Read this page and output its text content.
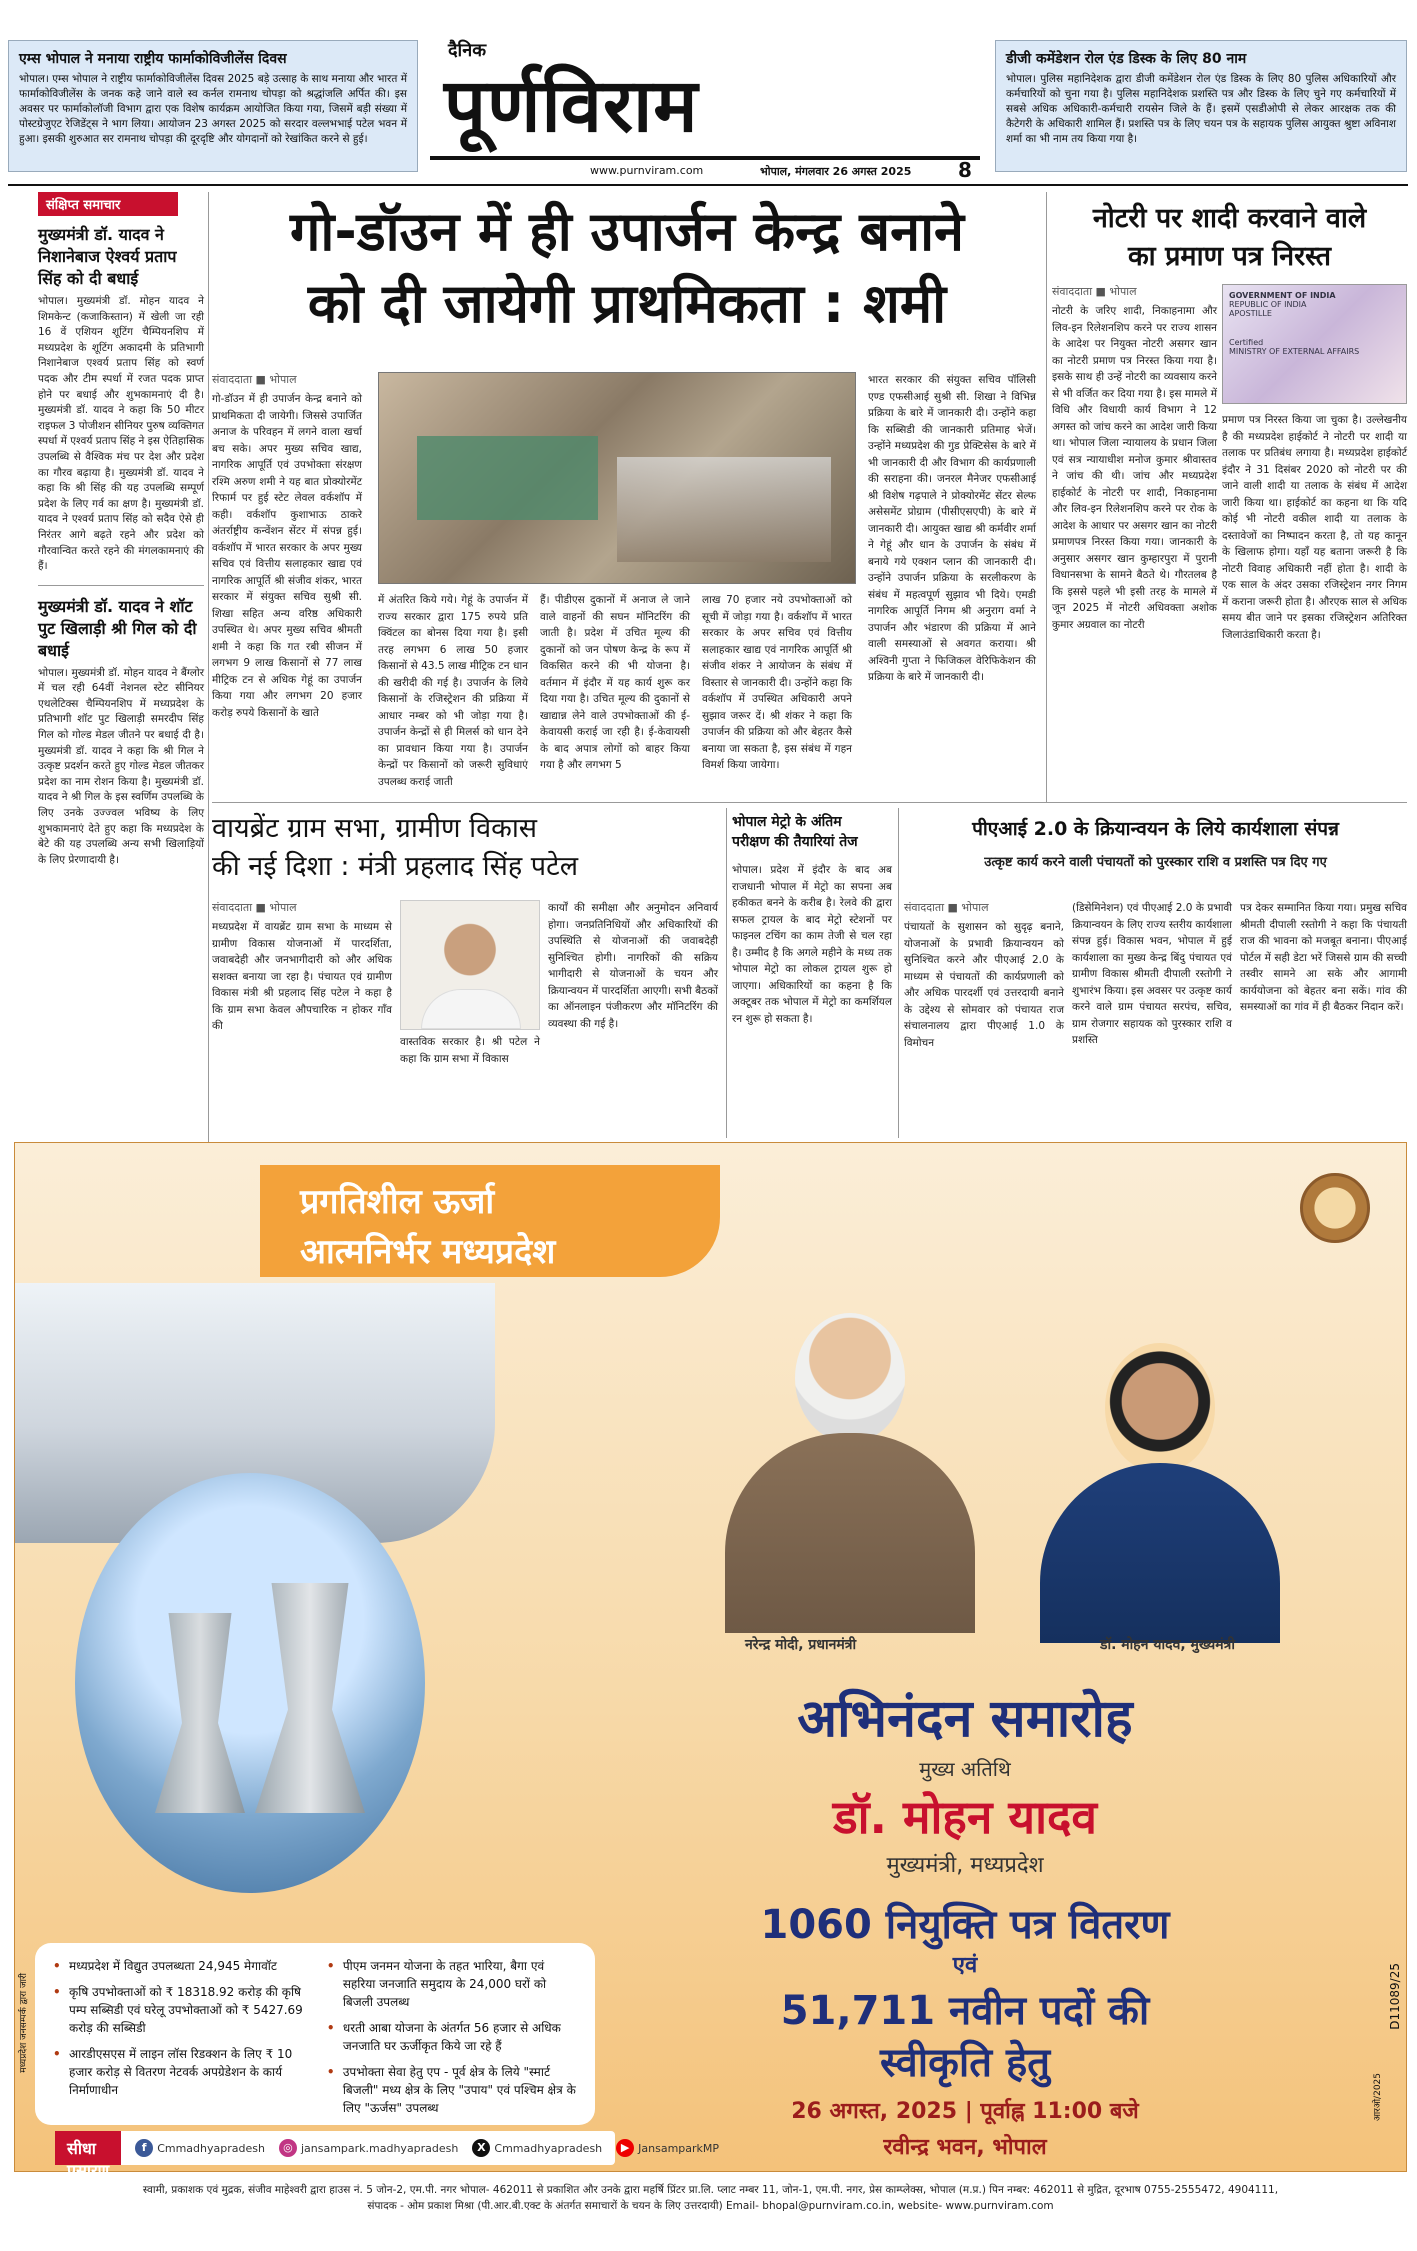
एम्स भोपाल ने मनाया राष्ट्रीय फार्माकोविजीलेंस दिवस

भोपाल। एम्स भोपाल ने राष्ट्रीय फार्माकोविजीलेंस दिवस 2025 बड़े उत्साह के साथ मनाया और भारत में फार्माकोविजीलेंस के जनक कहे जाने वाले स्व कर्नल रामनाथ चोपड़ा को श्रद्धांजलि अर्पित की। इस अवसर पर फार्माकोलॉजी विभाग द्वारा एक विशेष कार्यक्रम आयोजित किया गया, जिसमें बड़ी संख्या में पोस्टग्रेजुएट रेजिडेंट्स ने भाग लिया। आयोजन 23 अगस्त 2025 को सरदार वल्लभभाई पटेल भवन में हुआ। इसकी शुरुआत सर रामनाथ चोपड़ा की दूरदृष्टि और योगदानों को रेखांकित करने से हुई।

दैनिक
पूर्णविराम
www.purnviram.com	भोपाल, मंगलवार 26 अगस्त 2025 8
डीजी कमेंडेशन रोल एंड डिस्क के लिए 80 नाम

भोपाल। पुलिस महानिदेशक द्वारा डीजी कमेंडेशन रोल एंड डिस्क के लिए 80 पुलिस अधिकारियों और कर्मचारियों को चुना गया है। पुलिस महानिदेशक प्रशस्ति पत्र और डिस्क के लिए चुने गए कर्मचारियों में सबसे अधिक अधिकारी-कर्मचारी रायसेन जिले के हैं। इसमें एसडीओपी से लेकर आरक्षक तक की कैटेगरी के अधिकारी शामिल हैं। प्रशस्ति पत्र के लिए चयन पत्र के सहायक पुलिस आयुक्त श्रुष्टा अविनाश शर्मा का भी नाम तय किया गया है।

संक्षिप्त समाचार
मुख्यमंत्री डॉ. यादव ने निशानेबाज ऐश्वर्य प्रताप सिंह को दी बधाई
भोपाल। मुख्यमंत्री डॉ. मोहन यादव ने शिमकेन्ट (कजाकिस्तान) में खेली जा रही 16 वें एशियन शूटिंग चैम्पियनशिप में मध्यप्रदेश के शूटिंग अकादमी के प्रतिभागी निशानेबाज एश्वर्य प्रताप सिंह को स्वर्ण पदक और टीम स्पर्धा में रजत पदक प्राप्त होने पर बधाई और शुभकामनाएं दी है। मुख्यमंत्री डॉ. यादव ने कहा कि 50 मीटर राइफल 3 पोजीशन सीनियर पुरुष व्यक्तिगत स्पर्धा में एश्वर्य प्रताप सिंह ने इस ऐतिहासिक उपलब्धि से वैश्विक मंच पर देश और प्रदेश का गौरव बढ़ाया है। मुख्यमंत्री डॉ. यादव ने कहा कि श्री सिंह की यह उपलब्धि सम्पूर्ण प्रदेश के लिए गर्व का क्षण है। मुख्यमंत्री डॉ. यादव ने एश्वर्य प्रताप सिंह को सदैव ऐसे ही निरंतर आगे बढ़ते रहने और प्रदेश को गौरवान्वित करते रहने की मंगलकामनाएं की हैं।
मुख्यमंत्री डॉ. यादव ने शॉट पुट खिलाड़ी श्री गिल को दी बधाई
भोपाल। मुख्यमंत्री डॉ. मोहन यादव ने बैंग्लोर में चल रही 64वीं नेशनल स्टेट सीनियर एथलेटिक्स चैम्पियनशिप में मध्यप्रदेश के प्रतिभागी शॉट पुट खिलाड़ी समरदीप सिंह गिल को गोल्ड मेडल जीतने पर बधाई दी है। मुख्यमंत्री डॉ. यादव ने कहा कि श्री गिल ने उत्कृष्ट प्रदर्शन करते हुए गोल्ड मेडल जीतकर प्रदेश का नाम रोशन किया है। मुख्यमंत्री डॉ. यादव ने श्री गिल के इस स्वर्णिम उपलब्धि के लिए उनके उज्ज्वल भविष्य के लिए शुभकामनाएं देते हुए कहा कि मध्यप्रदेश के बेटे की यह उपलब्धि अन्य सभी खिलाड़ियों के लिए प्रेरणादायी है।
गो-डॉउन में ही उपार्जन केन्द्र बनाने
को दी जायेगी प्राथमिकता : शमी
संवाददाता ■ भोपाल
गो-डॉउन में ही उपार्जन केन्द्र बनाने को प्राथमिकता दी जायेगी। जिससे उपार्जित अनाज के परिवहन में लगने वाला खर्चा बच सके। अपर मुख्य सचिव खाद्य, नागरिक आपूर्ति एवं उपभोक्ता संरक्षण रश्मि अरुण शमी ने यह बात प्रोक्योरमेंट रिफार्म पर हुई स्टेट लेवल वर्कशॉप में कही। वर्कशॉप कुशाभाऊ ठाकरे अंतर्राष्ट्रीय कन्वेंशन सेंटर में संपन्न हुई। वर्कशॉप में भारत सरकार के अपर मुख्य सचिव एवं वित्तीय सलाहकार खाद्य एवं नागरिक आपूर्ति श्री संजीव शंकर, भारत सरकार में संयुक्त सचिव सुश्री सी. शिखा सहित अन्य वरिष्ठ अधिकारी उपस्थित थे। अपर मुख्य सचिव श्रीमती शमी ने कहा कि गत रबी सीजन में लगभग 9 लाख किसानों से 77 लाख मीट्रिक टन से अधिक गेहूं का उपार्जन किया गया और लगभग 20 हजार करोड़ रुपये किसानों के खाते
में अंतरित किये गये। गेहूं के उपार्जन में राज्य सरकार द्वारा 175 रुपये प्रति क्विंटल का बोनस दिया गया है। इसी तरह लगभग 6 लाख 50 हजार किसानों से 43.5 लाख मीट्रिक टन धान की खरीदी की गई है। उपार्जन के लिये किसानों के रजिस्ट्रेशन की प्रक्रिया में आधार नम्बर को भी जोड़ा गया है। उपार्जन केन्द्रों से ही मिलर्स को धान देने का प्रावधान किया गया है। उपार्जन केन्द्रों पर किसानों को जरूरी सुविधाएं उपलब्ध कराई जाती
हैं। पीडीएस दुकानों में अनाज ले जाने वाले वाहनों की सघन मॉनिटरिंग की जाती है। प्रदेश में उचित मूल्य की दुकानों को जन पोषण केन्द्र के रूप में विकसित करने की भी योजना है। वर्तमान में इंदौर में यह कार्य शुरू कर दिया गया है। उचित मूल्य की दुकानों से खाद्यान्न लेने वाले उपभोक्ताओं की ई-केवायसी कराई जा रही है। ई-केवायसी के बाद अपात्र लोगों को बाहर किया गया है और लगभग 5
लाख 70 हजार नये उपभोक्ताओं को सूची में जोड़ा गया है। वर्कशॉप में भारत सरकार के अपर सचिव एवं वित्तीय सलाहकार खाद्य एवं नागरिक आपूर्ति श्री संजीव शंकर ने आयोजन के संबंध में विस्तार से जानकारी दी। उन्होंने कहा कि वर्कशॉप में उपस्थित अधिकारी अपने सुझाव जरूर दें। श्री शंकर ने कहा कि उपार्जन की प्रक्रिया को और बेहतर कैसे बनाया जा सकता है, इस संबंध में गहन विमर्श किया जायेगा।
भारत सरकार की संयुक्त सचिव पॉलिसी एण्ड एफसीआई सुश्री सी. शिखा ने विभिन्न प्रक्रिया के बारे में जानकारी दी। उन्होंने कहा कि सब्सिडी की जानकारी प्रतिमाह भेजें। उन्होंने मध्यप्रदेश की गुड प्रेक्टिसेस के बारे में भी जानकारी दी और विभाग की कार्यप्रणाली की सराहना की। जनरल मैनेजर एफसीआई श्री विशेष गढ़पाले ने प्रोक्योरमेंट सेंटर सेल्फ असेसमेंट प्रोग्राम (पीसीएसएपी) के बारे में जानकारी दी। आयुक्त खाद्य श्री कर्मवीर शर्मा ने गेहूं और धान के उपार्जन के संबंध में बनाये गये एक्शन प्लान की जानकारी दी। उन्होंने उपार्जन प्रक्रिया के सरलीकरण के संबंध में महत्वपूर्ण सुझाव भी दिये। एमडी नागरिक आपूर्ति निगम श्री अनुराग वर्मा ने उपार्जन और भंडारण की प्रक्रिया में आने वाली समस्याओं से अवगत कराया। श्री अश्विनी गुप्ता ने फिजिकल वेरिफिकेशन की प्रक्रिया के बारे में जानकारी दी।
नोटरी पर शादी करवाने वाले
का प्रमाण पत्र निरस्त
संवाददाता ■ भोपाल
नोटरी के जरिए शादी, निकाहनामा और लिव-इन रिलेशनशिप करने पर राज्य शासन के आदेश पर नियुक्त नोटरी असगर खान का नोटरी प्रमाण पत्र निरस्त किया गया है। इसके साथ ही उन्हें नोटरी का व्यवसाय करने से भी वर्जित कर दिया गया है। इस मामले में विधि और विधायी कार्य विभाग ने 12 अगस्त को जांच करने का आदेश जारी किया था। भोपाल जिला न्यायालय के प्रधान जिला एवं सत्र न्यायाधीश मनोज कुमार श्रीवास्तव ने जांच की थी। जांच और मध्यप्रदेश हाईकोर्ट के नोटरी पर शादी, निकाहनामा और लिव-इन रिलेशनशिप करने पर रोक के आदेश के आधार पर असगर खान का नोटरी प्रमाणपत्र निरस्त किया गया। जानकारी के अनुसार असगर खान कुम्हारपुरा में पुरानी विधानसभा के सामने बैठते थे। गौरतलब है कि इससे पहले भी इसी तरह के मामले में जून 2025 में नोटरी अधिवक्ता अशोक कुमार अग्रवाल का नोटरी
GOVERNMENT OF INDIA
REPUBLIC OF INDIA
APOSTILLE
Certified
MINISTRY OF EXTERNAL AFFAIRS
प्रमाण पत्र निरस्त किया जा चुका है। उल्लेखनीय है की मध्यप्रदेश हाईकोर्ट ने नोटरी पर शादी या तलाक पर प्रतिबंध लगाया है। मध्यप्रदेश हाईकोर्ट इंदौर ने 31 दिसंबर 2020 को नोटरी पर की जाने वाली शादी या तलाक के संबंध में आदेश जारी किया था। हाईकोर्ट का कहना था कि यदि कोई भी नोटरी वकील शादी या तलाक के दस्तावेजों का निष्पादन करता है, तो यह कानून के खिलाफ होगा। यहाँ यह बताना जरूरी है कि नोटरी विवाह अधिकारी नहीं होता है। शादी के एक साल के अंदर उसका रजिस्ट्रेशन नगर निगम में कराना जरूरी होता है। औरएक साल से अधिक समय बीत जाने पर इसका रजिस्ट्रेशन अतिरिक्त जिलाउंडाधिकारी करता है।
वायब्रेंट ग्राम सभा, ग्रामीण विकास
की नई दिशा : मंत्री प्रहलाद सिंह पटेल
संवाददाता ■ भोपाल
मध्यप्रदेश में वायब्रेंट ग्राम सभा के माध्यम से ग्रामीण विकास योजनाओं में पारदर्शिता, जवाबदेही और जनभागीदारी को और अधिक सशक्त बनाया जा रहा है। पंचायत एवं ग्रामीण विकास मंत्री श्री प्रहलाद सिंह पटेल ने कहा है कि ग्राम सभा केवल औपचारिक न होकर गाँव की
वास्तविक सरकार है। श्री पटेल ने कहा कि ग्राम सभा में विकास
कार्यों की समीक्षा और अनुमोदन अनिवार्य होगा। जनप्रतिनिधियों और अधिकारियों की उपस्थिति से योजनाओं की जवाबदेही सुनिश्चित होगी। नागरिकों की सक्रिय भागीदारी से योजनाओं के चयन और क्रियान्वयन में पारदर्शिता आएगी। सभी बैठकों का ऑनलाइन पंजीकरण और मॉनिटरिंग की व्यवस्था की गई है।
भोपाल मेट्रो के अंतिम
परीक्षण की तैयारियां तेज
भोपाल। प्रदेश में इंदौर के बाद अब राजधानी भोपाल में मेट्रो का सपना अब हकीकत बनने के करीब है। रेलवे की द्वारा सफल ट्रायल के बाद मेट्रो स्टेशनों पर फाइनल टचिंग का काम तेजी से चल रहा है। उम्मीद है कि अगले महीने के मध्य तक भोपाल मेट्रो का लोकल ट्रायल शुरू हो जाएगा। अधिकारियों का कहना है कि अक्टूबर तक भोपाल में मेट्रो का कमर्शियल रन शुरू हो सकता है।
पीएआई 2.0 के क्रियान्वयन के लिये कार्यशाला संपन्न
उत्कृष्ट कार्य करने वाली पंचायतों को पुरस्कार राशि व प्रशस्ति पत्र दिए गए
संवाददाता ■ भोपाल
पंचायतों के सुशासन को सुदृढ़ बनाने, योजनाओं के प्रभावी क्रियान्वयन को सुनिश्चित करने और पीएआई 2.0 के माध्यम से पंचायतों की कार्यप्रणाली को और अधिक पारदर्शी एवं उत्तरदायी बनाने के उद्देश्य से सोमवार को पंचायत राज संचालनालय द्वारा पीएआई 1.0 के विमोचन
(डिसेमिनेशन) एवं पीएआई 2.0 के प्रभावी क्रियान्वयन के लिए राज्य स्तरीय कार्यशाला संपन्न हुई। विकास भवन, भोपाल में हुई कार्यशाला का मुख्य केन्द्र बिंदु पंचायत एवं ग्रामीण विकास श्रीमती दीपाली रस्तोगी ने शुभारंभ किया। इस अवसर पर उत्कृष्ट कार्य करने वाले ग्राम पंचायत सरपंच, सचिव, ग्राम रोजगार सहायक को पुरस्कार राशि व प्रशस्ति
पत्र देकर सम्मानित किया गया। प्रमुख सचिव श्रीमती दीपाली रस्तोगी ने कहा कि पंचायती राज की भावना को मजबूत बनाना। पीएआई पोर्टल में सही डेटा भरें जिससे ग्राम की सच्ची तस्वीर सामने आ सके और आगामी कार्ययोजना को बेहतर बना सकें। गांव की समस्याओं का गांव में ही बैठकर निदान करें।
प्रगतिशील ऊर्जा
आत्मनिर्भर मध्यप्रदेश
नरेन्द्र मोदी, प्रधानमंत्री	डॉ. मोहन यादव, मुख्यमंत्री
अभिनंदन समारोह
मुख्य अतिथि
डॉ. मोहन यादव
मुख्यमंत्री, मध्यप्रदेश
1060 नियुक्ति पत्र वितरण
एवं
51,711 नवीन पदों की
स्वीकृति हेतु
26 अगस्त, 2025 | पूर्वाह्न 11:00 बजे
रवीन्द्र भवन, भोपाल
• मध्यप्रदेश में विद्युत उपलब्धता 24,945 मेगावॉट
• कृषि उपभोक्ताओं को ₹ 18318.92 करोड़ की कृषि पम्प सब्सिडी एवं घरेलू उपभोक्ताओं को ₹ 5427.69 करोड़ की सब्सिडी
• आरडीएसएस में लाइन लॉस रिडक्शन के लिए ₹ 10 हजार करोड़ से वितरण नेटवर्क अपग्रेडेशन के कार्य निर्माणाधीन
• पीएम जनमन योजना के तहत भारिया, बैगा एवं सहरिया जनजाति समुदाय के 24,000 घरों को बिजली उपलब्ध
• धरती आबा योजना के अंतर्गत 56 हजार से अधिक जनजाति घर ऊर्जीकृत किये जा रहे हैं
• उपभोक्ता सेवा हेतु एप - पूर्व क्षेत्र के लिये "स्मार्ट बिजली" मध्य क्षेत्र के लिए "उपाय" एवं पश्चिम क्षेत्र के लिए "ऊर्जस" उपलब्ध
सीधा प्रसारण
f Cmmadhyapradesh	◎ jansampark.madhyapradesh	X Cmmadhyapradesh	▶ JansamparkMP
D11089/25
मध्यप्रदेश जनसम्पर्क द्वारा जारी
आरओ/2025
स्वामी, प्रकाशक एवं मुद्रक, संजीव माहेश्वरी द्वारा हाउस नं. 5 जोन-2, एम.पी. नगर भोपाल- 462011 से प्रकाशित और उनके द्वारा महर्षि प्रिंटर प्रा.लि. प्लाट नम्बर 11, जोन-1, एम.पी. नगर, प्रेस काम्प्लेक्स, भोपाल (म.प्र.) पिन नम्बर: 462011 से मुद्रित, दूरभाष 0755-2555472, 4904111,
संपादक - ओम प्रकाश मिश्रा (पी.आर.बी.एक्ट के अंतर्गत समाचारों के चयन के लिए उत्तरदायी) Email- bhopal@purnviram.co.in, website- www.purnviram.com
